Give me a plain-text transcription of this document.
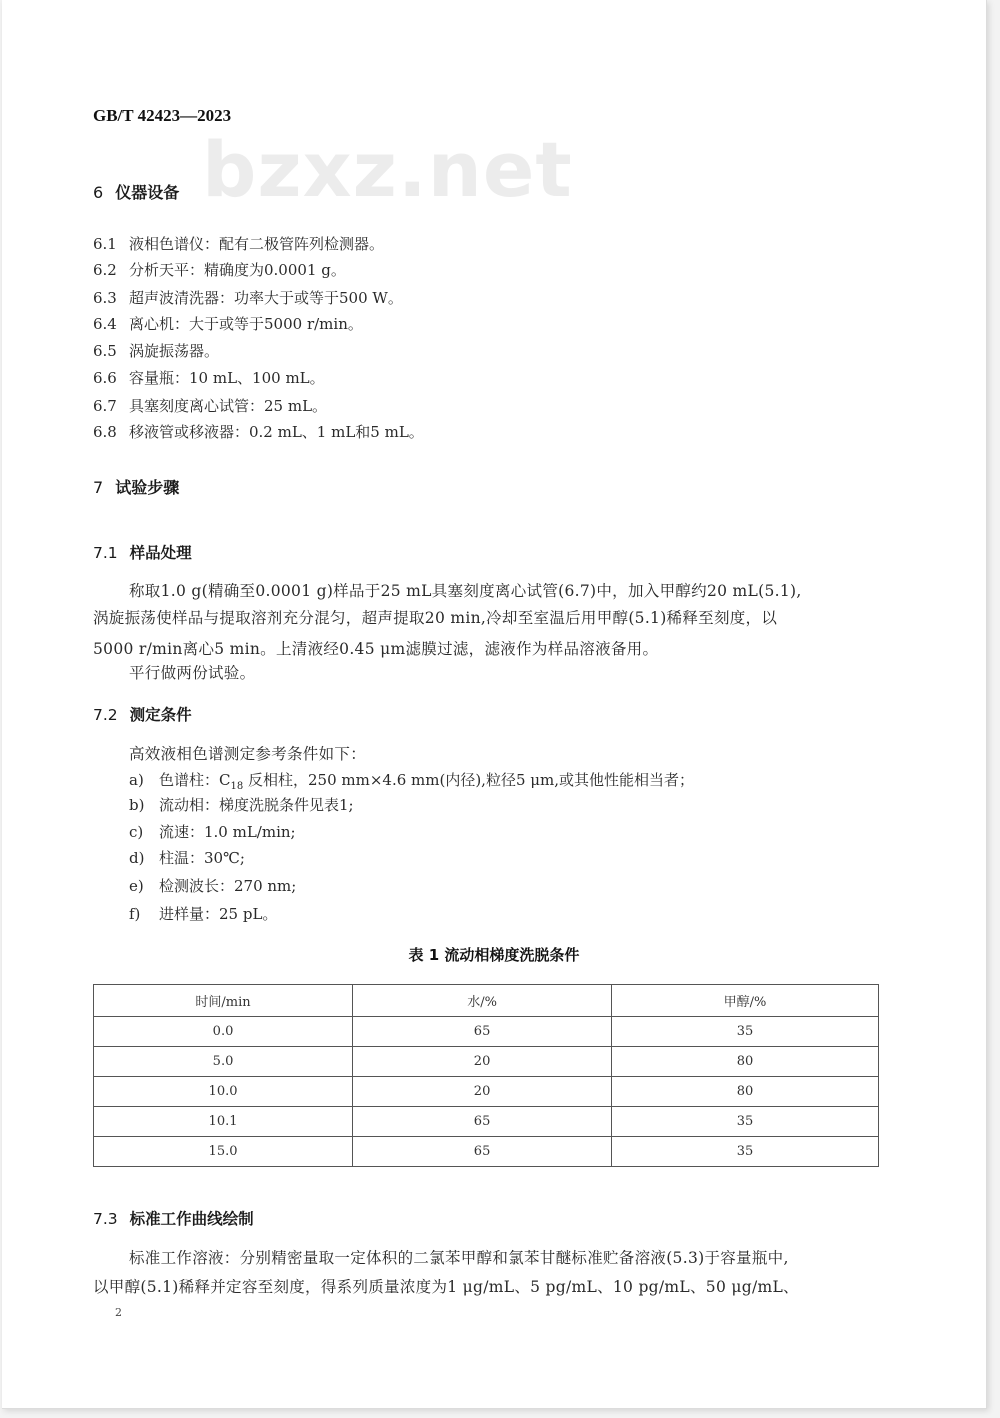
GB/T 42423—2023
bzxz.net
6 仪器设备
6.1 液相色谱仪：配有二极管阵列检测器。
6.2 分析天平：精确度为0.0001 g。
6.3 超声波清洗器：功率大于或等于500 W。
6.4 离心机：大于或等于5000 r/min。
6.5 涡旋振荡器。
6.6 容量瓶：10 mL、100 mL。
6.7 具塞刻度离心试管：25 mL。
6.8 移液管或移液器：0.2 mL、1 mL和5 mL。
7 试验步骤
7.1 样品处理
称取1.0 g(精确至0.0001 g)样品于25 mL具塞刻度离心试管(6.7)中，加入甲醇约20 mL(5.1),
涡旋振荡使样品与提取溶剂充分混匀，超声提取20 min,冷却至室温后用甲醇(5.1)稀释至刻度，以
5000 r/min离心5 min。上清液经0.45 μm滤膜过滤，滤液作为样品溶液备用。
平行做两份试验。
7.2 测定条件
高效液相色谱测定参考条件如下：
a) 色谱柱：$C_{18}$ 反相柱，250 mm×4.6 mm(内径),粒径5 μm,或其他性能相当者；
b) 流动相：梯度洗脱条件见表1;
c) 流速：1.0 mL/min;
d) 柱温：30℃;
e) 检测波长：270 nm;
f) 进样量：25 pL。
表 1 流动相梯度洗脱条件
时间/min	水/%	甲醇/%
0.0	65	35
5.0	20	80
10.0	20	80
10.1	65	35
15.0	65	35
7.3 标准工作曲线绘制
标准工作溶液：分别精密量取一定体积的二氯苯甲醇和氯苯甘醚标准贮备溶液(5.3)于容量瓶中,
以甲醇(5.1)稀释并定容至刻度，得系列质量浓度为1 μg/mL、5 pg/mL、10 pg/mL、50 μg/mL、
2
